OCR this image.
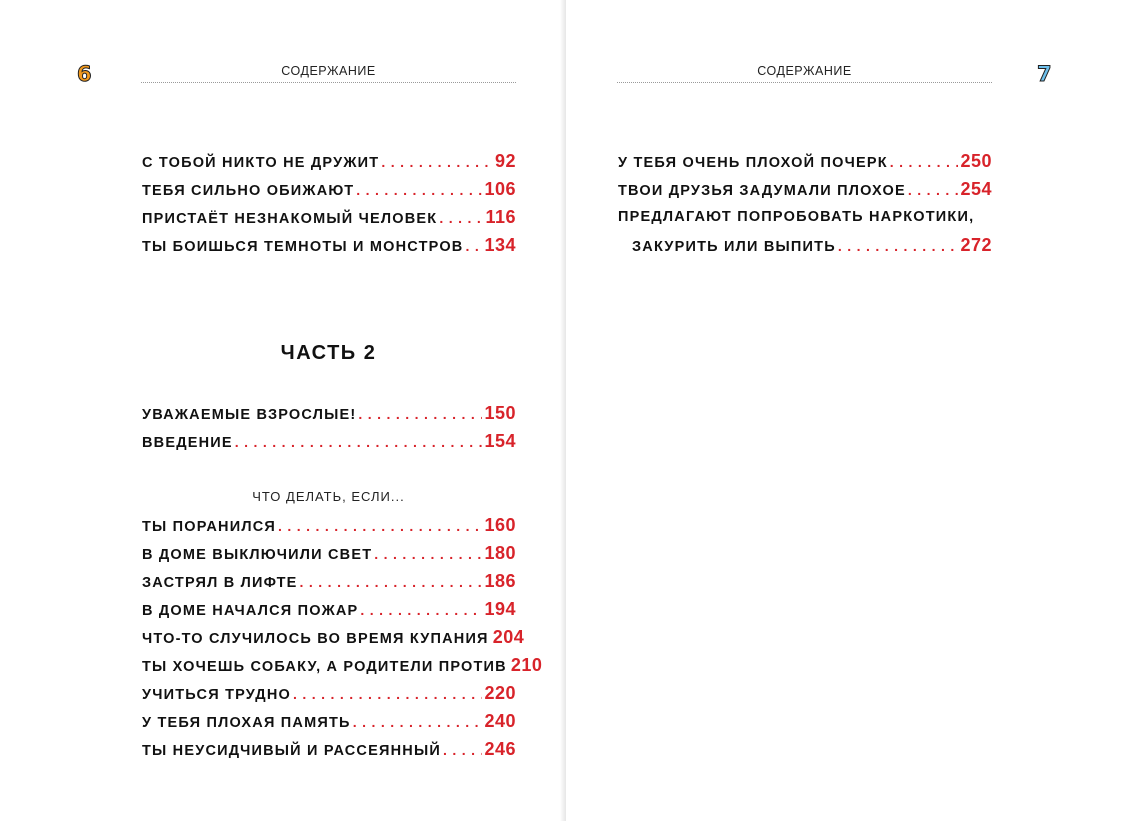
6	СОДЕРЖАНИЕ
С ТОБОЙ НИКТО НЕ ДРУЖИТ . . .	92
ТЕБЯ СИЛЬНО ОБИЖАЮТ . . .	106
ПРИСТАЁТ НЕЗНАКОМЫЙ ЧЕЛОВЕК . . .	116
ТЫ БОИШЬСЯ ТЕМНОТЫ И МОНСТРОВ . . . 134
ЧАСТЬ 2
УВАЖАЕМЫЕ ВЗРОСЛЫЕ! . . .	150
ВВЕДЕНИЕ . . .	154
ЧТО ДЕЛАТЬ, ЕСЛИ...
ТЫ ПОРАНИЛСЯ . . .	160
В ДОМЕ ВЫКЛЮЧИЛИ СВЕТ . . .	180
ЗАСТРЯЛ В ЛИФТЕ . . .	186
В ДОМЕ НАЧАЛСЯ ПОЖАР . . .	194
ЧТО-ТО СЛУЧИЛОСЬ ВО ВРЕМЯ КУПАНИЯ 204
ТЫ ХОЧЕШЬ СОБАКУ, А РОДИТЕЛИ ПРОТИВ 210
УЧИТЬСЯ ТРУДНО . . .	220
У ТЕБЯ ПЛОХАЯ ПАМЯТЬ . . .	240
ТЫ НЕУСИДЧИВЫЙ И РАССЕЯННЫЙ . . . 246
СОДЕРЖАНИЕ	7
У ТЕБЯ ОЧЕНЬ ПЛОХОЙ ПОЧЕРК . . .	250
ТВОИ ДРУЗЬЯ ЗАДУМАЛИ ПЛОХОЕ . . .	254
ПРЕДЛАГАЮТ ПОПРОБОВАТЬ НАРКОТИКИ,
ЗАКУРИТЬ ИЛИ ВЫПИТЬ . . .	272
